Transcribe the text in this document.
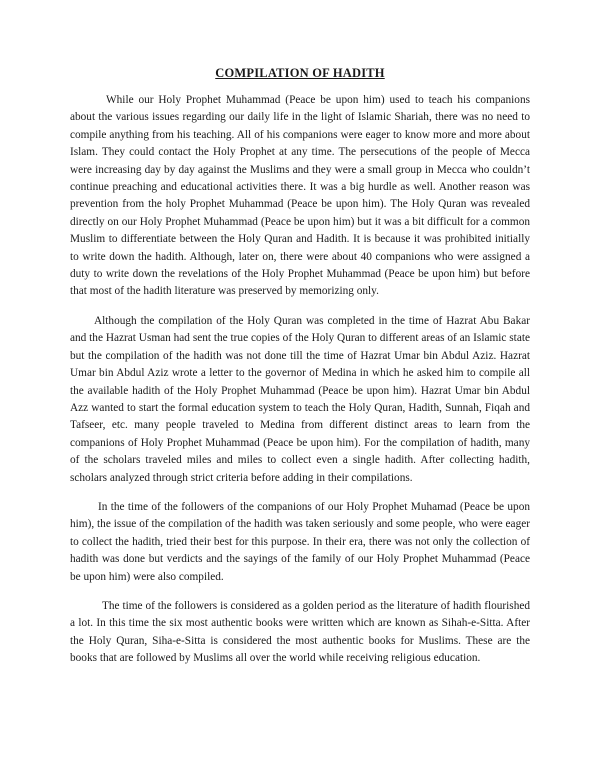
COMPILATION OF HADITH

While our Holy Prophet Muhammad (Peace be upon him) used to teach his companions about the various issues regarding our daily life in the light of Islamic Shariah, there was no need to compile anything from his teaching. All of his companions were eager to know more and more about Islam. They could contact the Holy Prophet at any time. The persecutions of the people of Mecca were increasing day by day against the Muslims and they were a small group in Mecca who couldn’t continue preaching and educational activities there. It was a big hurdle as well. Another reason was prevention from the holy Prophet Muhammad (Peace be upon him). The Holy Quran was revealed directly on our Holy Prophet Muhammad (Peace be upon him) but it was a bit difficult for a common Muslim to differentiate between the Holy Quran and Hadith. It is because it was prohibited initially to write down the hadith. Although, later on, there were about 40 companions who were assigned a duty to write down the revelations of the Holy Prophet Muhammad (Peace be upon him) but before that most of the hadith literature was preserved by memorizing only.

Although the compilation of the Holy Quran was completed in the time of Hazrat Abu Bakar and the Hazrat Usman had sent the true copies of the Holy Quran to different areas of an Islamic state but the compilation of the hadith was not done till the time of Hazrat Umar bin Abdul Aziz. Hazrat Umar bin Abdul Aziz wrote a letter to the governor of Medina in which he asked him to compile all the available hadith of the Holy Prophet Muhammad (Peace be upon him). Hazrat Umar bin Abdul Azz wanted to start the formal education system to teach the Holy Quran, Hadith, Sunnah, Fiqah and Tafseer, etc. many people traveled to Medina from different distinct areas to learn from the companions of Holy Prophet Muhammad (Peace be upon him). For the compilation of hadith, many of the scholars traveled miles and miles to collect even a single hadith. After collecting hadith, scholars analyzed through strict criteria before adding in their compilations.

In the time of the followers of the companions of our Holy Prophet Muhamad (Peace be upon him), the issue of the compilation of the hadith was taken seriously and some people, who were eager to collect the hadith, tried their best for this purpose. In their era, there was not only the collection of hadith was done but verdicts and the sayings of the family of our Holy Prophet Muhammad (Peace be upon him) were also compiled.

The time of the followers is considered as a golden period as the literature of hadith flourished a lot. In this time the six most authentic books were written which are known as Sihah-e-Sitta. After the Holy Quran, Siha-e-Sitta is considered the most authentic books for Muslims. These are the books that are followed by Muslims all over the world while receiving religious education.
